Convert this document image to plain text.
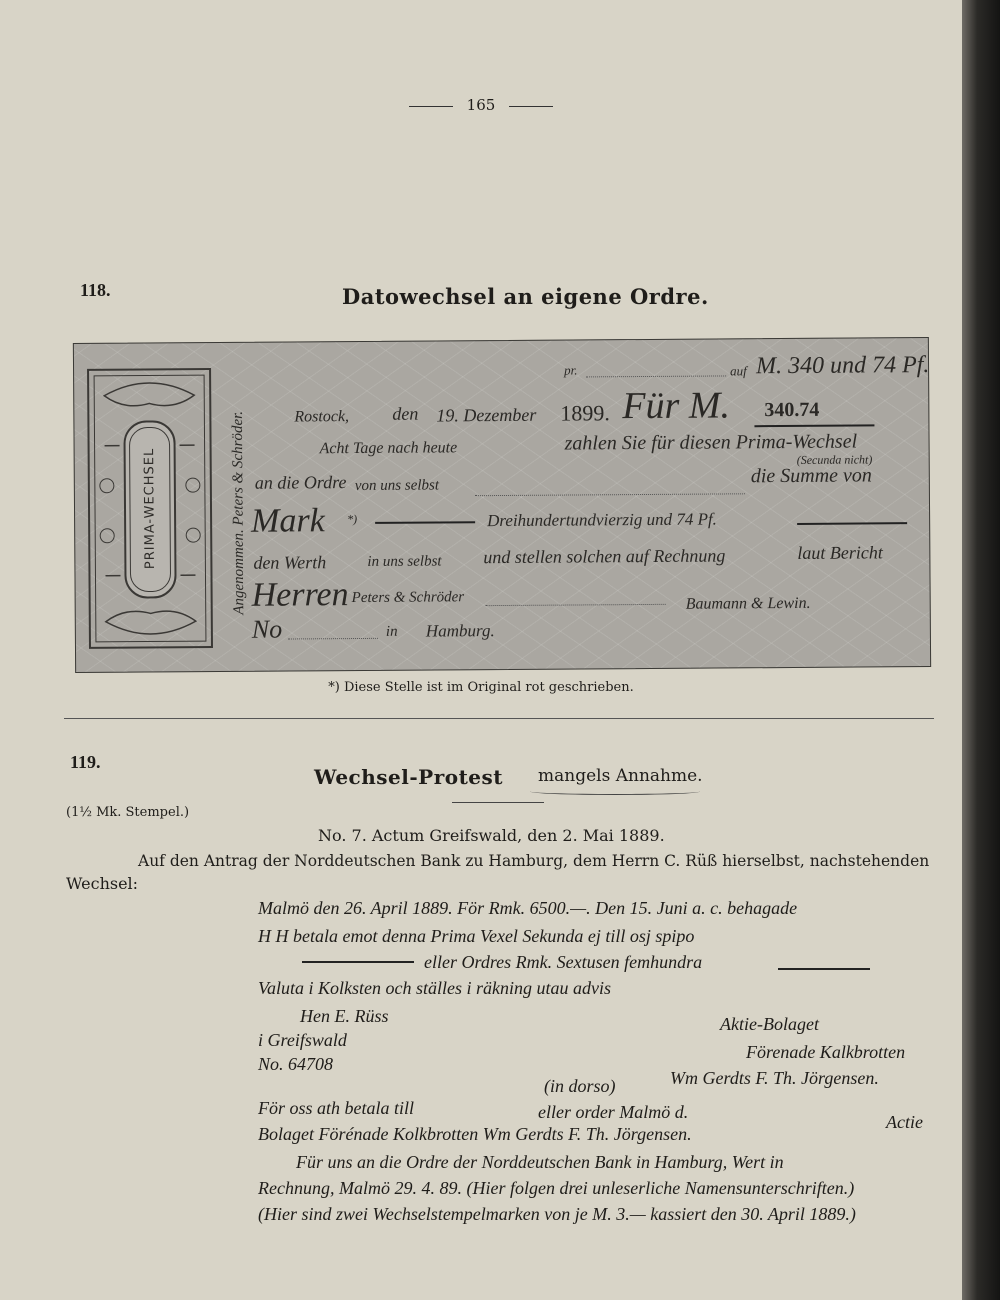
165
118.	Datowechsel an eigene Ordre.
PRIMA-WECHSEL	Angenommen. Peters & Schröder.
pr.	auf M. 340 und 74 Pf.
Rostock, den 19. Dezember 1899. Für M. 340.74
Acht Tage nach heute	zahlen Sie für diesen Prima-Wechsel
(Secunda nicht)
an die Ordre von uns selbst	die Summe von
Mark *)	Dreihundertundvierzig und 74 Pf.
den Werth	in uns selbst und stellen solchen auf Rechnung	laut Bericht
Herren Peters & Schröder	Baumann & Lewin.
No	in Hamburg.
*) Diese Stelle ist im Original rot geschrieben.
119.
Wechsel-Protest mangels Annahme.
(1½ Mk. Stempel.)
No. 7. Actum Greifswald, den 2. Mai 1889.
Auf den Antrag der Norddeutschen Bank zu Hamburg, dem Herrn C. Rüß hierselbst, nachstehenden
Wechsel:
Malmö den 26. April 1889. För Rmk. 6500.—. Den 15. Juni a. c. behagade
H H betala emot denna Prima Vexel Sekunda ej till osj spipo
eller Ordres Rmk. Sextusen femhundra
Valuta i Kolksten och ställes i räkning utau advis
Hen E. Rüss	Aktie-Bolaget
i Greifswald
Förenade Kalkbrotten
No. 64708
Wm Gerdts F. Th. Jörgensen.
(in dorso)
För oss ath betala till	eller order Malmö d.	Actie
Bolaget Förénade Kolkbrotten Wm Gerdts F. Th. Jörgensen.
Für uns an die Ordre der Norddeutschen Bank in Hamburg, Wert in
Rechnung, Malmö 29. 4. 89. (Hier folgen drei unleserliche Namensunterschriften.)
(Hier sind zwei Wechselstempelmarken von je M. 3.— kassiert den 30. April 1889.)
